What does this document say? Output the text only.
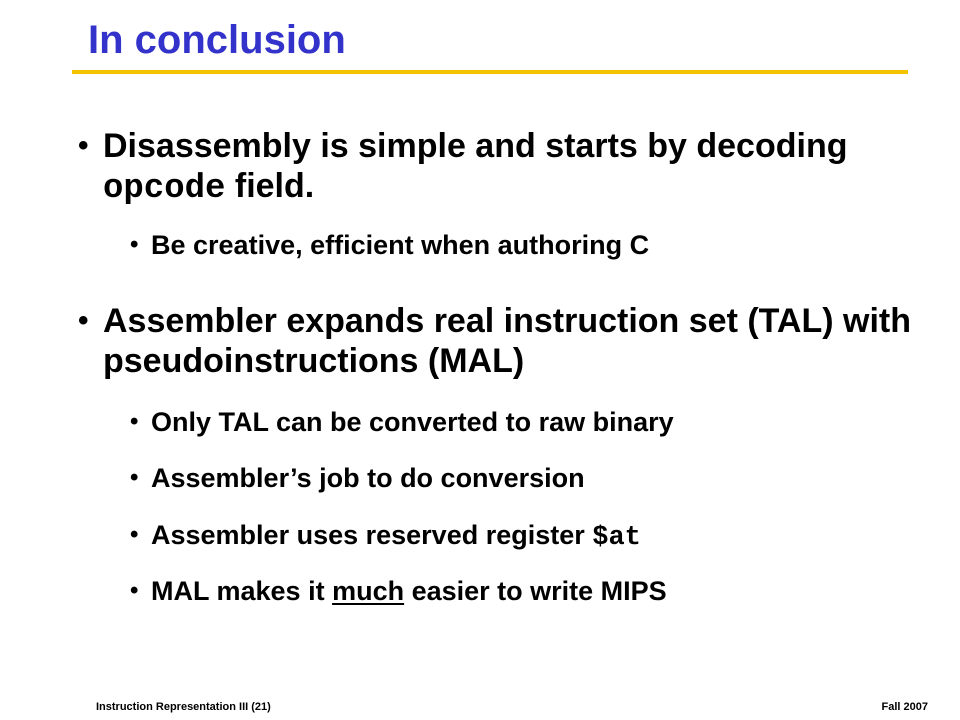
In conclusion
• Disassembly is simple and starts by decoding opcode field.
• Be creative, efficient when authoring C
• Assembler expands real instruction set (TAL) with pseudoinstructions (MAL)
• Only TAL can be converted to raw binary
• Assembler’s job to do conversion
• Assembler uses reserved register $at
• MAL makes it much easier to write MIPS
Instruction Representation III (21)	Fall 2007
